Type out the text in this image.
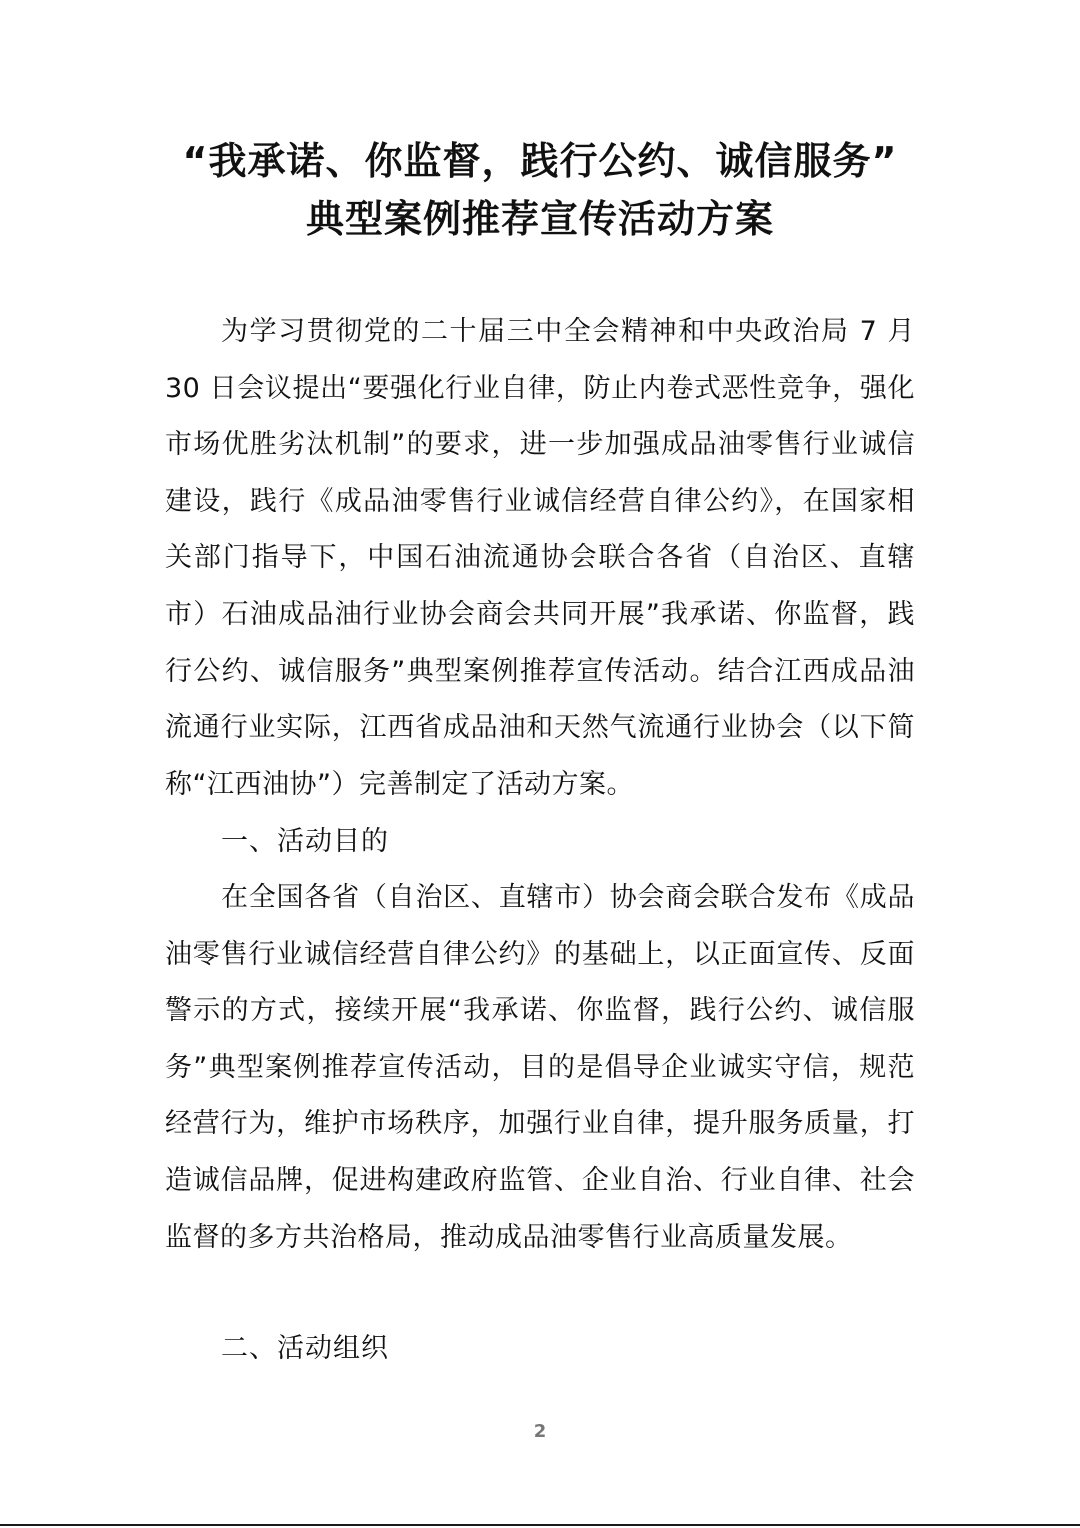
“我承诺、你监督，践行公约、诚信服务”
典型案例推荐宣传活动方案
为学习贯彻党的二十届三中全会精神和中央政治局 7 月 30 日会议提出“要强化行业自律，防止内卷式恶性竞争，强化市场优胜劣汰机制”的要求，进一步加强成品油零售行业诚信建设，践行《成品油零售行业诚信经营自律公约》，在国家相关部门指导下，中国石油流通协会联合各省（自治区、直辖市）石油成品油行业协会商会共同开展”我承诺、你监督，践行公约、诚信服务”典型案例推荐宣传活动。结合江西成品油流通行业实际，江西省成品油和天然气流通行业协会（以下简称“江西油协”）完善制定了活动方案。
一、活动目的
在全国各省（自治区、直辖市）协会商会联合发布《成品油零售行业诚信经营自律公约》的基础上，以正面宣传、反面警示的方式，接续开展“我承诺、你监督，践行公约、诚信服务”典型案例推荐宣传活动，目的是倡导企业诚实守信，规范经营行为，维护市场秩序，加强行业自律，提升服务质量，打造诚信品牌，促进构建政府监管、企业自治、行业自律、社会监督的多方共治格局，推动成品油零售行业高质量发展。
二、活动组织
2
